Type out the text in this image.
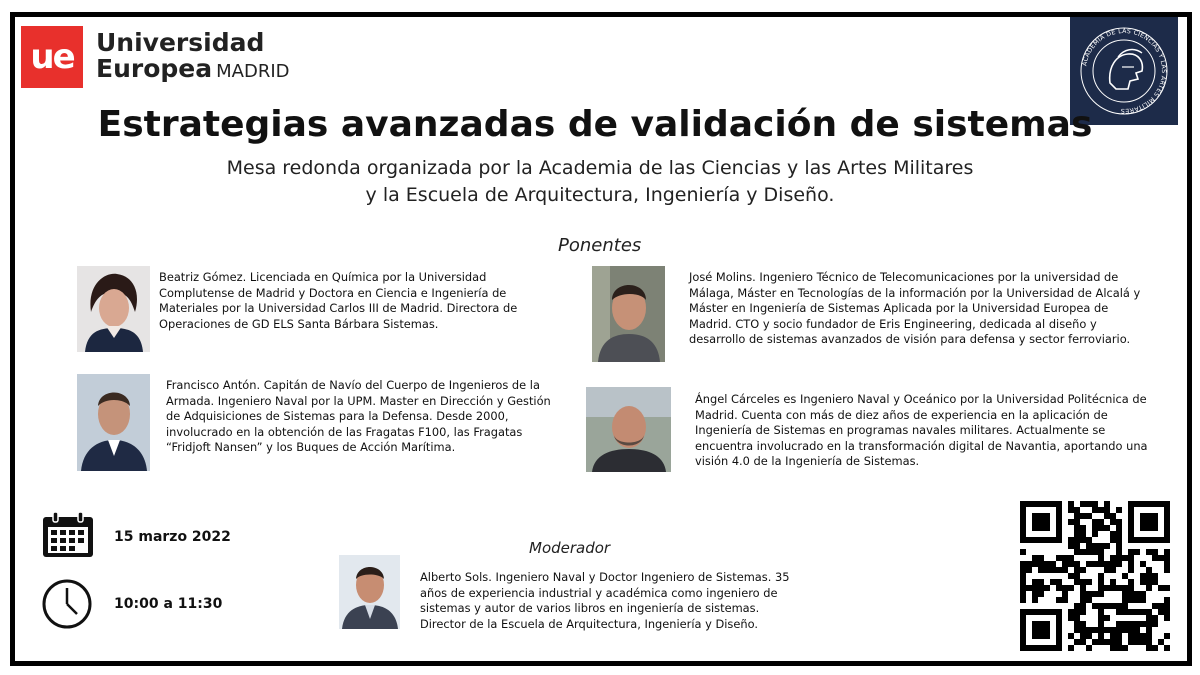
ue Universidad
Europea MADRID	ACADEMIA DE LAS CIENCIAS Y LAS ARTES MILITARES
Estrategias avanzadas de validación de sistemas
Mesa redonda organizada por la Academia de las Ciencias y las Artes Militares
y la Escuela de Arquitectura, Ingeniería y Diseño.
Ponentes
Beatriz Gómez. Licenciada en Química por la Universidad Complutense de Madrid y Doctora en Ciencia e Ingeniería de Materiales por la Universidad Carlos III de Madrid. Directora de Operaciones de GD ELS Santa Bárbara Sistemas.
José Molins. Ingeniero Técnico de Telecomunicaciones por la universidad de Málaga, Máster en Tecnologías de la información por la Universidad de Alcalá y Máster en Ingeniería de Sistemas Aplicada por la Universidad Europea de Madrid. CTO y socio fundador de Eris Engineering, dedicada al diseño y desarrollo de sistemas avanzados de visión para defensa y sector ferroviario.
Francisco Antón. Capitán de Navío del Cuerpo de Ingenieros de la Armada. Ingeniero Naval por la UPM. Master en Dirección y Gestión de Adquisiciones de Sistemas para la Defensa. Desde 2000, involucrado en la obtención de las Fragatas F100, las Fragatas “Fridjoft Nansen” y los Buques de Acción Marítima.
Ángel Cárceles es Ingeniero Naval y Oceánico por la Universidad Politécnica de Madrid. Cuenta con más de diez años de experiencia en la aplicación de Ingeniería de Sistemas en programas navales militares. Actualmente se encuentra involucrado en la transformación digital de Navantia, aportando una visión 4.0 de la Ingeniería de Sistemas.
15 marzo 2022
10:00 a 11:30
Moderador
Alberto Sols. Ingeniero Naval y Doctor Ingeniero de Sistemas. 35 años de experiencia industrial y académica como ingeniero de sistemas y autor de varios libros en ingeniería de sistemas. Director de la Escuela de Arquitectura, Ingeniería y Diseño.
